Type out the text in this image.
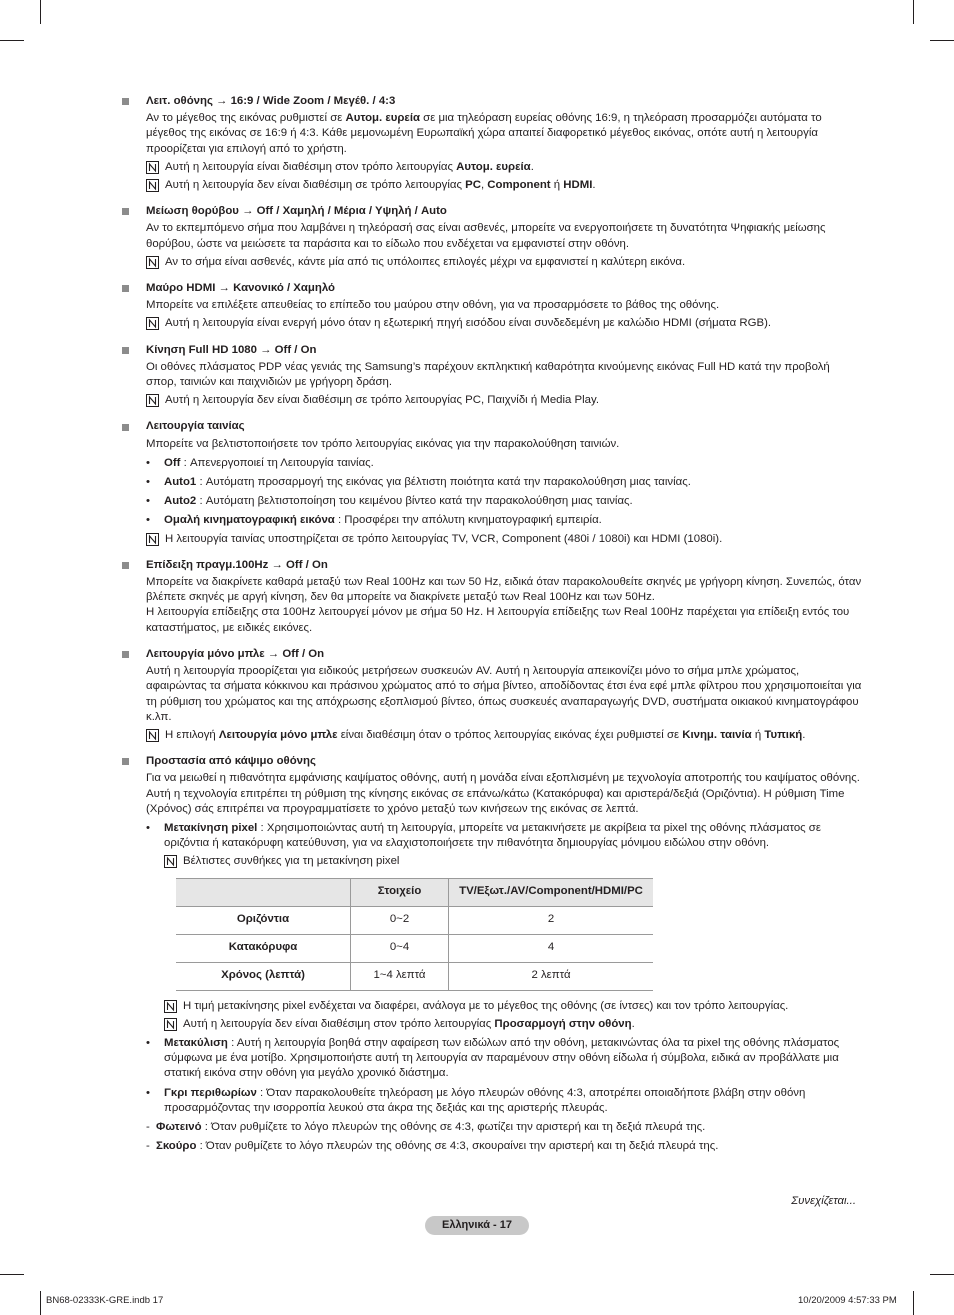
Λειτ. οθόνης → 16:9 / Wide Zoom / Μεγέθ. / 4:3

Αν το μέγεθος της εικόνας ρυθμιστεί σε Αυτομ. ευρεία σε μια τηλεόραση ευρείας οθόνης 16:9, η τηλεόραση προσαρμόζει αυτόματα το μέγεθος της εικόνας σε 16:9 ή 4:3. Κάθε μεμονωμένη Ευρωπαϊκή χώρα απαιτεί διαφορετικό μέγεθος εικόνας, οπότε αυτή η λειτουργία προορίζεται για επιλογή από το χρήστη.

Αυτή η λειτουργία είναι διαθέσιμη στον τρόπο λειτουργίας Αυτομ. ευρεία.
Αυτή η λειτουργία δεν είναι διαθέσιμη σε τρόπο λειτουργίας PC, Component ή HDMI.
Μείωση θορύβου → Off / Χαμηλή / Μέρια / Υψηλή / Auto

Αν το εκπεμπόμενο σήμα που λαμβάνει η τηλεόρασή σας είναι ασθενές, μπορείτε να ενεργοποιήσετε τη δυνατότητα Ψηφιακής μείωσης θορύβου, ώστε να μειώσετε τα παράσιτα και το είδωλο που ενδέχεται να εμφανιστεί στην οθόνη.

Αν το σήμα είναι ασθενές, κάντε μία από τις υπόλοιπες επιλογές μέχρι να εμφανιστεί η καλύτερη εικόνα.
Μαύρο HDMI → Κανονικό / Χαμηλό

Μπορείτε να επιλέξετε απευθείας το επίπεδο του μαύρου στην οθόνη, για να προσαρμόσετε το βάθος της οθόνης.

Αυτή η λειτουργία είναι ενεργή μόνο όταν η εξωτερική πηγή εισόδου είναι συνδεδεμένη με καλώδιο HDMI (σήματα RGB).
Κίνηση Full HD 1080 → Off / On

Οι οθόνες πλάσματος PDP νέας γενιάς της Samsung’s παρέχουν εκπληκτική καθαρότητα κινούμενης εικόνας Full HD κατά την προβολή σπορ, ταινιών και παιχνιδιών με γρήγορη δράση.

Αυτή η λειτουργία δεν είναι διαθέσιμη σε τρόπο λειτουργίας PC, Παιχνίδι ή Media Play.
Λειτουργία ταινίας

Μπορείτε να βελτιστοποιήσετε τον τρόπο λειτουργίας εικόνας για την παρακολούθηση ταινιών.

•	Off : Απενεργοποιεί τη Λειτουργία ταινίας.
•	Auto1 : Αυτόματη προσαρμογή της εικόνας για βέλτιστη ποιότητα κατά την παρακολούθηση μιας ταινίας.
•	Auto2 : Αυτόματη βελτιστοποίηση του κειμένου βίντεο κατά την παρακολούθηση μιας ταινίας.
•	Ομαλή κινηματογραφική εικόνα : Προσφέρει την απόλυτη κινηματογραφική εμπειρία.
Η λειτουργία ταινίας υποστηρίζεται σε τρόπο λειτουργίας TV, VCR, Component (480i / 1080i) και HDMI (1080i).
Επίδειξη πραγμ.100Hz → Off / On

Μπορείτε να διακρίνετε καθαρά μεταξύ των Real 100Hz και των 50 Hz, ειδικά όταν παρακολουθείτε σκηνές με γρήγορη κίνηση. Συνεπώς, όταν βλέπετε σκηνές με αργή κίνηση, δεν θα μπορείτε να διακρίνετε μεταξύ των Real 100Hz και των 50Hz.

Η λειτουργία επίδειξης στα 100Hz λειτουργεί μόνον με σήμα 50 Hz. Η λειτουργία επίδειξης των Real 100Hz παρέχεται για επίδειξη εντός του καταστήματος, με ειδικές εικόνες.

Λειτουργία μόνο μπλε → Off / On

Αυτή η λειτουργία προορίζεται για ειδικούς μετρήσεων συσκευών AV. Αυτή η λειτουργία απεικονίζει μόνο το σήμα μπλε χρώματος, αφαιρώντας τα σήματα κόκκινου και πράσινου χρώματος από το σήμα βίντεο, αποδίδοντας έτσι ένα εφέ μπλε φίλτρου που χρησιμοποιείται για τη ρύθμιση του χρώματος και της απόχρωσης εξοπλισμού βίντεο, όπως συσκευές αναπαραγωγής DVD, συστήματα οικιακού κινηματογράφου κ.λπ.

Η επιλογή Λειτουργία μόνο μπλε είναι διαθέσιμη όταν ο τρόπος λειτουργίας εικόνας έχει ρυθμιστεί σε Κινημ. ταινία ή Τυπική.
Προστασία από κάψιμο οθόνης

Για να μειωθεί η πιθανότητα εμφάνισης καψίματος οθόνης, αυτή η μονάδα είναι εξοπλισμένη με τεχνολογία αποτροπής του καψίματος οθόνης. Αυτή η τεχνολογία επιτρέπει τη ρύθμιση της κίνησης εικόνας σε επάνω/κάτω (Κατακόρυφα) και αριστερά/δεξιά (Οριζόντια). Η ρύθμιση Time (Χρόνος) σάς επιτρέπει να προγραμματίσετε το χρόνο μεταξύ των κινήσεων της εικόνας σε λεπτά.

•	Μετακίνηση pixel : Χρησιμοποιώντας αυτή τη λειτουργία, μπορείτε να μετακινήσετε με ακρίβεια τα pixel της οθόνης πλάσματος σε οριζόντια ή κατακόρυφη κατεύθυνση, για να ελαχιστοποιήσετε την πιθανότητα δημιουργίας μόνιμου ειδώλου στην οθόνη.
Βέλτιστες συνθήκες για τη μετακίνηση pixel
	Στοιχείο	TV/Εξωτ./AV/Component/HDMI/PC
Οριζόντια	0~2	2
Κατακόρυφα	0~4	4
Χρόνος (λεπτά)	1~4 λεπτά	2 λεπτά
Η τιμή μετακίνησης pixel ενδέχεται να διαφέρει, ανάλογα με το μέγεθος της οθόνης (σε ίντσες) και τον τρόπο λειτουργίας.
Αυτή η λειτουργία δεν είναι διαθέσιμη στον τρόπο λειτουργίας Προσαρμογή στην οθόνη.
•	Μετακύλιση : Αυτή η λειτουργία βοηθά στην αφαίρεση των ειδώλων από την οθόνη, μετακινώντας όλα τα pixel της οθόνης πλάσματος σύμφωνα με ένα μοτίβο. Χρησιμοποιήστε αυτή τη λειτουργία αν παραμένουν στην οθόνη είδωλα ή σύμβολα, ειδικά αν προβάλλατε μια στατική εικόνα στην οθόνη για μεγάλο χρονικό διάστημα.
•	Γκρι περιθωρίων : Όταν παρακολουθείτε τηλεόραση με λόγο πλευρών οθόνης 4:3, αποτρέπει οποιαδήποτε βλάβη στην οθόνη προσαρμόζοντας την ισορροπία λευκού στα άκρα της δεξιάς και της αριστερής πλευράς.
- Φωτεινό : Όταν ρυθμίζετε το λόγο πλευρών της οθόνης σε 4:3, φωτίζει την αριστερή και τη δεξιά πλευρά της.
- Σκούρο : Όταν ρυθμίζετε το λόγο πλευρών της οθόνης σε 4:3, σκουραίνει την αριστερή και τη δεξιά πλευρά της.
Συνεχίζεται...
Ελληνικά - 17
BN68-02333K-GRE.indb 17	10/20/2009 4:57:33 PM
